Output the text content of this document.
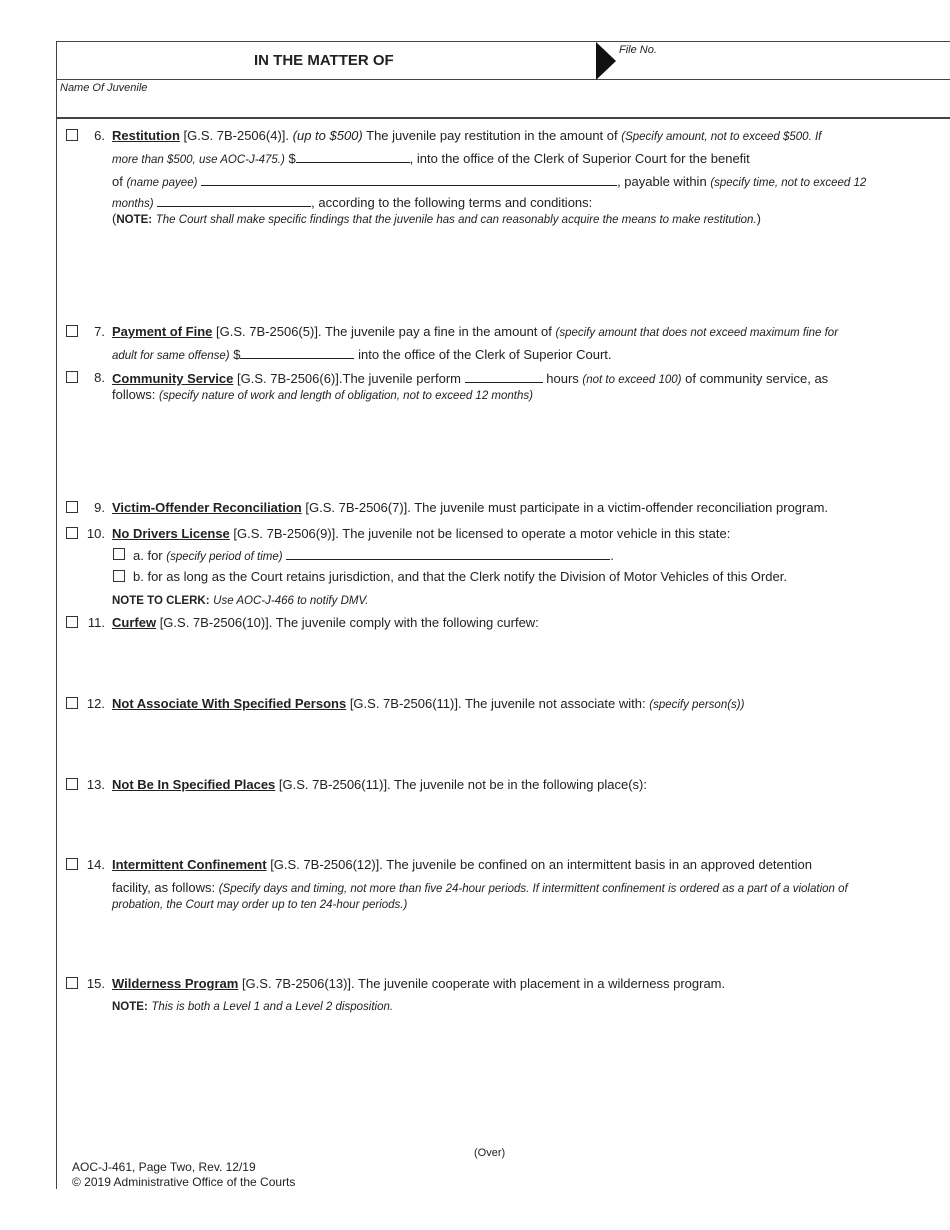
IN THE MATTER OF
File No.
Name Of Juvenile
6. Restitution [G.S. 7B-2506(4)]. (up to $500) The juvenile pay restitution in the amount of (Specify amount, not to exceed $500. If
more than $500, use AOC-J-475.) $	, into the office of the Clerk of Superior Court for the benefit
of (name payee)	, payable within (specify time, not to exceed 12
months)	, according to the following terms and conditions:
(NOTE: The Court shall make specific findings that the juvenile has and can reasonably acquire the means to make restitution.)
7. Payment of Fine [G.S. 7B-2506(5)]. The juvenile pay a fine in the amount of (specify amount that does not exceed maximum fine for
adult for same offense) $	into the office of the Clerk of Superior Court.
8. Community Service [G.S. 7B-2506(6)].The juvenile perform	hours (not to exceed 100) of community service, as
follows: (specify nature of work and length of obligation, not to exceed 12 months)
9. Victim-Offender Reconciliation [G.S. 7B-2506(7)]. The juvenile must participate in a victim-offender reconciliation program.
10. No Drivers License [G.S. 7B-2506(9)]. The juvenile not be licensed to operate a motor vehicle in this state:
a. for (specify period of time)	.
b. for as long as the Court retains jurisdiction, and that the Clerk notify the Division of Motor Vehicles of this Order.
NOTE TO CLERK: Use AOC-J-466 to notify DMV.
11. Curfew [G.S. 7B-2506(10)]. The juvenile comply with the following curfew:
12. Not Associate With Specified Persons [G.S. 7B-2506(11)]. The juvenile not associate with: (specify person(s))
13. Not Be In Specified Places [G.S. 7B-2506(11)]. The juvenile not be in the following place(s):
14. Intermittent Confinement [G.S. 7B-2506(12)]. The juvenile be confined on an intermittent basis in an approved detention
facility, as follows: (Specify days and timing, not more than five 24-hour periods. If intermittent confinement is ordered as a part of a violation of
probation, the Court may order up to ten 24-hour periods.)
15. Wilderness Program [G.S. 7B-2506(13)]. The juvenile cooperate with placement in a wilderness program.
NOTE: This is both a Level 1 and a Level 2 disposition.
(Over)
AOC-J-461, Page Two, Rev. 12/19
© 2019 Administrative Office of the Courts
